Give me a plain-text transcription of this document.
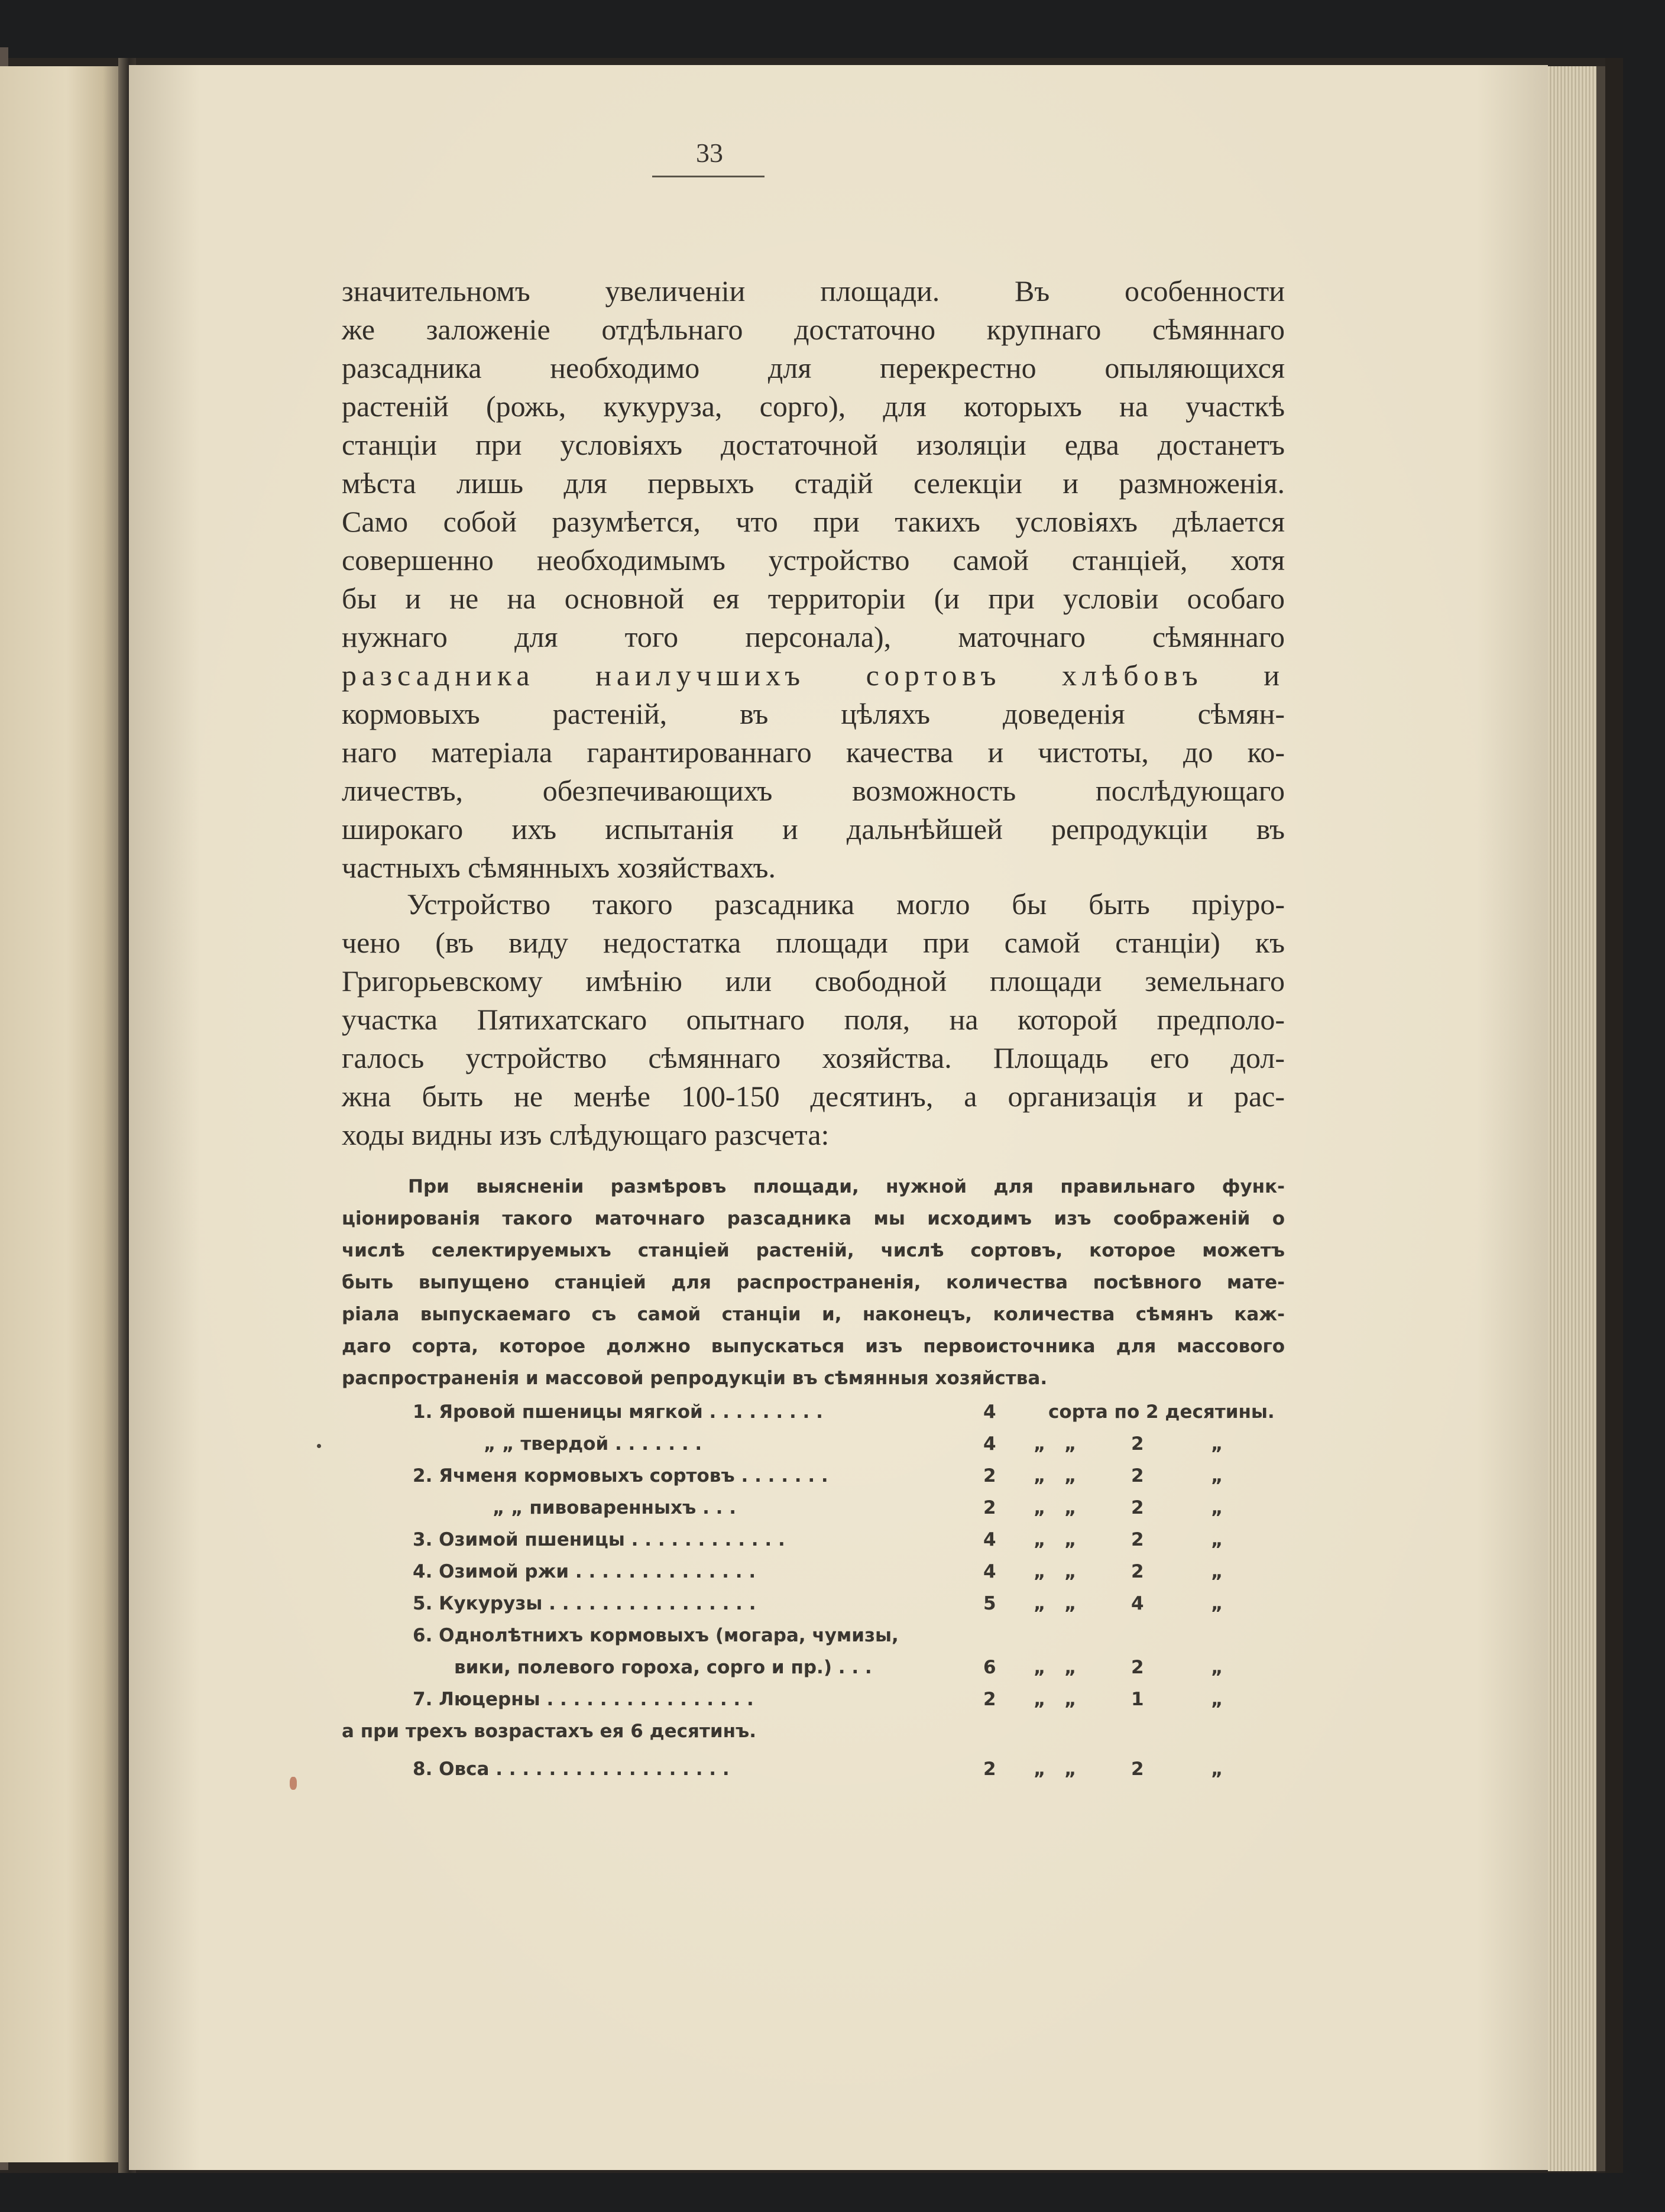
33
значительномъ увеличеніи площади. Въ особенности
же заложеніе отдѣльнаго достаточно крупнаго сѣмяннаго
разсадника необходимо для перекрестно опыляющихся
растеній (рожь, кукуруза, сорго), для которыхъ на участкѣ
станціи при условіяхъ достаточной изоляціи едва достанетъ
мѣста лишь для первыхъ стадій селекціи и размноженія.
Само собой разумѣется, что при такихъ условіяхъ дѣлается
совершенно необходимымъ устройство самой станціей, хотя
бы и не на основной ея территоріи (и при условіи особаго
нужнаго для того персонала), маточнаго сѣмяннаго
разсадника наилучшихъ сортовъ хлѣбовъ и
кормовыхъ растеній, въ цѣляхъ доведенія сѣмян-
наго матеріала гарантированнаго качества и чистоты, до ко-
личествъ, обезпечивающихъ возможность послѣдующаго
широкаго ихъ испытанія и дальнѣйшей репродукціи въ
частныхъ сѣмянныхъ хозяйствахъ.
Устройство такого разсадника могло бы быть пріуро-
чено (въ виду недостатка площади при самой станціи) къ
Григорьевскому имѣнію или свободной площади земельнаго
участка Пятихатскаго опытнаго поля, на которой предполо-
галось устройство сѣмяннаго хозяйства. Площадь его дол-
жна быть не менѣе 100-150 десятинъ, а организація и рас-
ходы видны изъ слѣдующаго разсчета:
При выясненіи размѣровъ площади, нужной для правильнаго функ-
ціонированія такого маточнаго разсадника мы исходимъ изъ соображеній о
числѣ селектируемыхъ станціей растеній, числѣ сортовъ, которое можетъ
быть выпущено станціей для распространенія, количества посѣвного мате-
ріала выпускаемаго съ самой станціи и, наконецъ, количества сѣмянъ каж-
даго сорта, которое должно выпускаться изъ первоисточника для массового
распространенія и массовой репродукціи въ сѣмянныя хозяйства.
1. Яровой пшеницы мягкой . . . . . . . . .	4	сорта по 2 десятины.
„ „ твердой . . . . . . .	4 „ „	2	„
2. Ячменя кормовыхъ сортовъ . . . . . . .	2 „ „	2	„
„ „ пивоваренныхъ . . .	2 „ „	2	„
3. Озимой пшеницы . . . . . . . . . . . .	4 „ „	2	„
4. Озимой ржи . . . . . . . . . . . . . .	4 „ „	2	„
5. Кукурузы . . . . . . . . . . . . . . . .	5 „ „	4	„
6. Однолѣтнихъ кормовыхъ (могара, чумизы,
вики, полевого гороха, сорго и пр.) . . .	6 „ „	2	„
7. Люцерны . . . . . . . . . . . . . . . .	2 „ „	1	„
а при трехъ возрастахъ ея 6 десятинъ.
8. Овса . . . . . . . . . . . . . . . . . .	2 „ „	2	„
